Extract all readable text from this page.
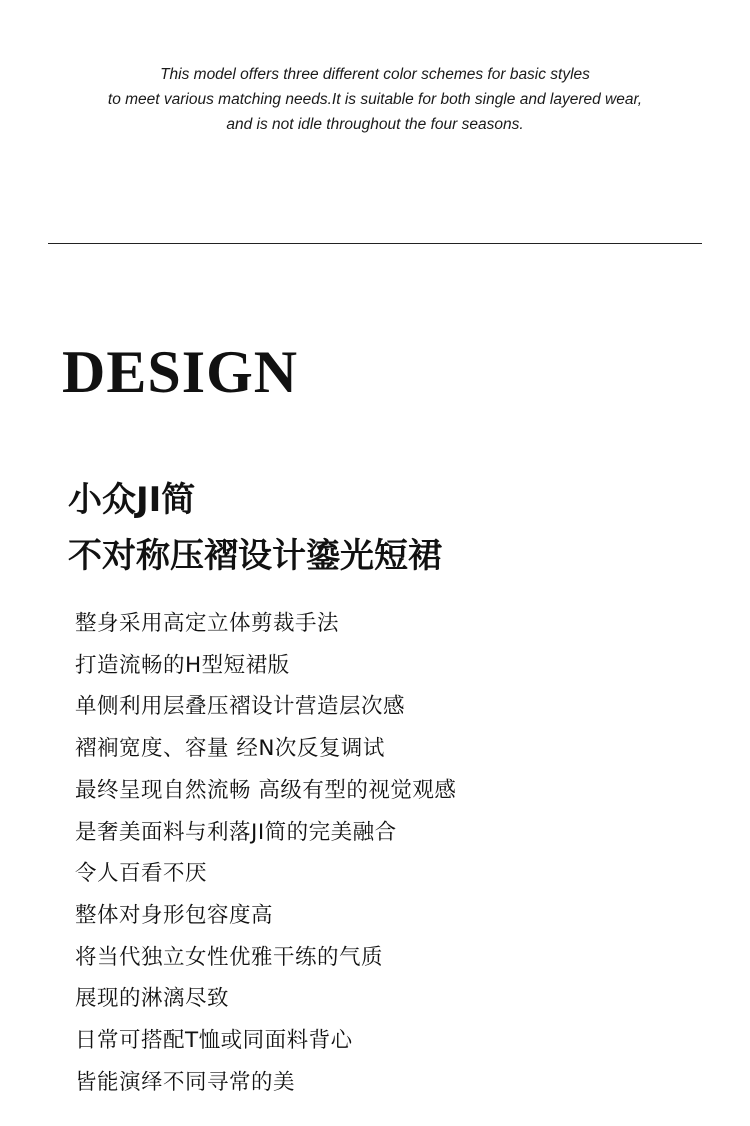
This model offers three different color schemes for basic styles
to meet various matching needs.It is suitable for both single and layered wear,
and is not idle throughout the four seasons.
DESIGN
小众JI简
不对称压褶设计鎏光短裙
整身采用高定立体剪裁手法
打造流畅的H型短裙版
单侧利用层叠压褶设计营造层次感
褶裥宽度、容量 经N次反复调试
最终呈现自然流畅 高级有型的视觉观感
是奢美面料与利落JI简的完美融合
令人百看不厌
整体对身形包容度高
将当代独立女性优雅干练的气质
展现的淋漓尽致
日常可搭配T恤或同面料背心
皆能演绎不同寻常的美
